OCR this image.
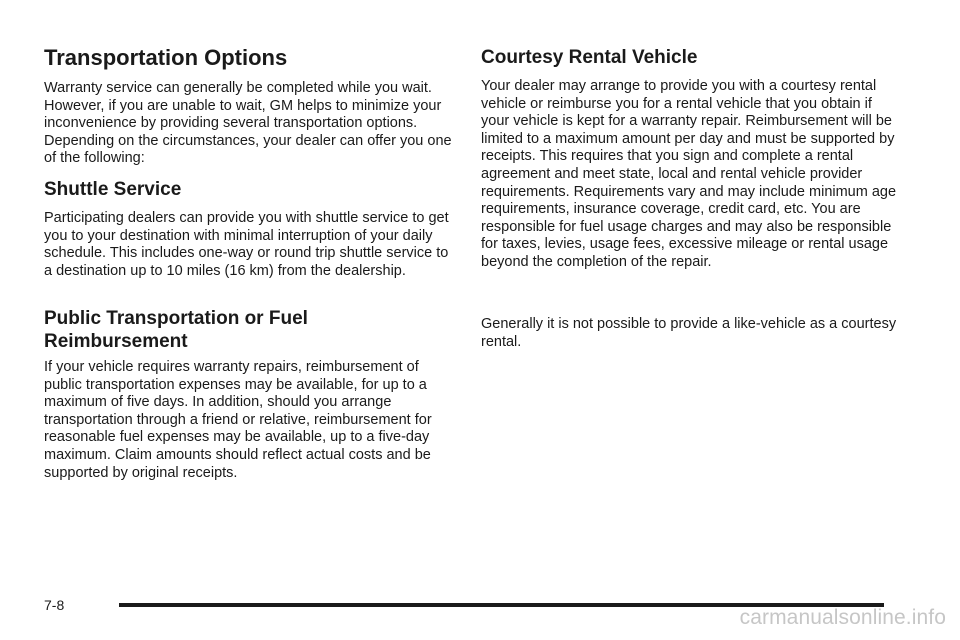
Transportation Options

Warranty service can generally be completed while you wait. However, if you are unable to wait, GM helps to minimize your inconvenience by providing several transportation options. Depending on the circumstances, your dealer can offer you one of the following:

Shuttle Service

Participating dealers can provide you with shuttle service to get you to your destination with minimal interruption of your daily schedule. This includes one-way or round trip shuttle service to a destination up to 10 miles (16 km) from the dealership.

Public Transportation or Fuel Reimbursement

If your vehicle requires warranty repairs, reimbursement of public transportation expenses may be available, for up to a maximum of five days. In addition, should you arrange transportation through a friend or relative, reimbursement for reasonable fuel expenses may be available, up to a five-day maximum. Claim amounts should reflect actual costs and be supported by original receipts.

Courtesy Rental Vehicle

Your dealer may arrange to provide you with a courtesy rental vehicle or reimburse you for a rental vehicle that you obtain if your vehicle is kept for a warranty repair. Reimbursement will be limited to a maximum amount per day and must be supported by receipts. This requires that you sign and complete a rental agreement and meet state, local and rental vehicle provider requirements. Requirements vary and may include minimum age requirements, insurance coverage, credit card, etc. You are responsible for fuel usage charges and may also be responsible for taxes, levies, usage fees, excessive mileage or rental usage beyond the completion of the repair.

Generally it is not possible to provide a like-vehicle as a courtesy rental.

7-8
carmanualsonline.info
